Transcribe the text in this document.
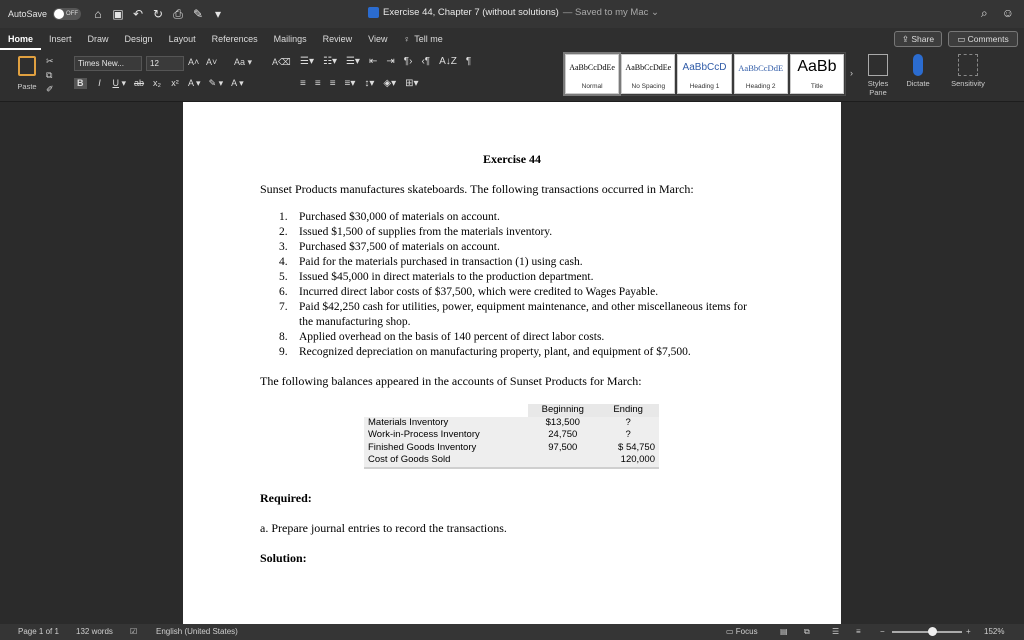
AutoSave	OFF ⌂ ▣ ↶ ↻ ⎙ ✎ ▾	Exercise 44, Chapter 7 (without solutions) — Saved to my Mac ⌄	⌕ ☺
Home	Insert	Draw	Design	Layout	References	Mailings	Review	View	♀ Tell me	⇪ Share	▭ Comments
Paste
✂
⧉
✐
Times New...	12	A˄ A˅ Aa ▾ A⌫
B	I	U ▾ ab x₂ x² A ▾ ✎ ▾ A ▾
☰▾ ☷▾ ☰▾ ⇤ ⇥ ¶› ‹¶ A↓Z ¶
≡ ≡ ≡ ≡▾ ↕▾ ◈▾ ⊞▾
AaBbCcDdEe
Normal
AaBbCcDdEe
No Spacing
AaBbCcD
Heading 1
AaBbCcDdE
Heading 2
AaBb
Title
›
Styles Pane
Dictate	Sensitivity
Exercise 44
Sunset Products manufactures skateboards. The following transactions occurred in March:
1. Purchased $30,000 of materials on account.
2. Issued $1,500 of supplies from the materials inventory.
3. Purchased $37,500 of materials on account.
4. Paid for the materials purchased in transaction (1) using cash.
5. Issued $45,000 in direct materials to the production department.
6. Incurred direct labor costs of $37,500, which were credited to Wages Payable.
7. Paid $42,250 cash for utilities, power, equipment maintenance, and other miscellaneous items for the manufacturing shop.
8. Applied overhead on the basis of 140 percent of direct labor costs.
9. Recognized depreciation on manufacturing property, plant, and equipment of $7,500.
The following balances appeared in the accounts of Sunset Products for March:
	Beginning	Ending
Materials Inventory	$13,500	?
Work-in-Process Inventory	24,750	?
Finished Goods Inventory	97,500	$ 54,750
Cost of Goods Sold		120,000
Required:
a. Prepare journal entries to record the transactions.
Solution:
Page 1 of 1 132 words ☑ English (United States)	▭ Focus	▤ ⧉	☰ ≡ −	+ 152%
